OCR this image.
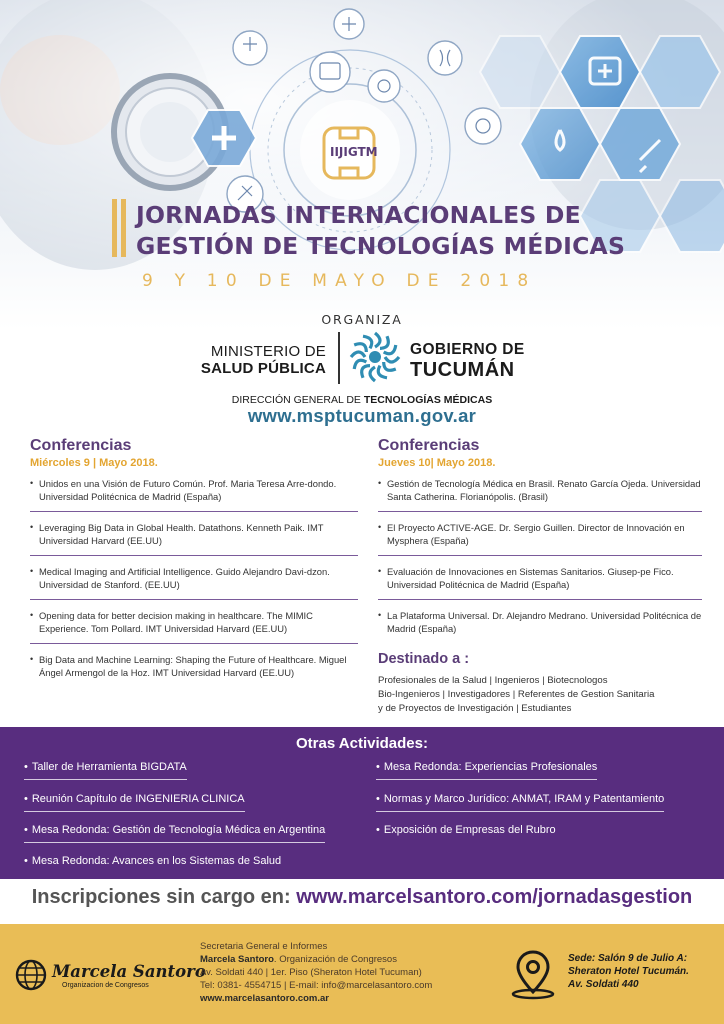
IIJIGTM
JORNADAS INTERNACIONALES DE
GESTIÓN DE TECNOLOGÍAS MÉDICAS
9 Y 10 DE MAYO DE 2018
ORGANIZA
MINISTERIO DE
SALUD PÚBLICA
GOBIERNO DE
TUCUMÁN
DIRECCIÓN GENERAL DE TECNOLOGÍAS MÉDICAS
www.msptucuman.gov.ar
Conferencias
Miércoles 9 | Mayo 2018.
• Unidos en una Visión de Futuro Común. Prof. Maria Teresa Arre-dondo. Universidad Politécnica de Madrid (España)
• Leveraging Big Data in Global Health. Datathons. Kenneth Paik. IMT Universidad Harvard (EE.UU)
• Medical Imaging and Artificial Intelligence. Guido Alejandro Davi-dzon. Universidad de Stanford. (EE.UU)
• Opening data for better decision making in healthcare. The MIMIC Experience. Tom Pollard. IMT Universidad Harvard (EE.UU)
• Big Data and Machine Learning: Shaping the Future of Healthcare. Miguel Ángel Armengol de la Hoz. IMT Universidad Harvard (EE.UU)
Conferencias
Jueves 10| Mayo 2018.
• Gestión de Tecnología Médica en Brasil. Renato García Ojeda. Universidad Santa Catherina. Florianópolis. (Brasil)
• El Proyecto ACTIVE-AGE. Dr. Sergio Guillen. Director de Innovación en Mysphera (España)
• Evaluación de Innovaciones en Sistemas Sanitarios. Giusep-pe Fico. Universidad Politécnica de Madrid (España)
• La Plataforma Universal. Dr. Alejandro Medrano. Universidad Politécnica de Madrid (España)
Destinado a :
Profesionales de la Salud | Ingenieros | Biotecnologos
Bio-Ingenieros | Investigadores | Referentes de Gestion Sanitaria
y de Proyectos de Investigación | Estudiantes
Otras Actividades:
• Taller de Herramienta BIGDATA
• Reunión Capítulo de INGENIERIA CLINICA
• Mesa Redonda: Gestión de Tecnología Médica en Argentina
• Mesa Redonda: Avances en los Sistemas de Salud
• Mesa Redonda: Experiencias Profesionales
• Normas y Marco Jurídico: ANMAT, IRAM y Patentamiento
• Exposición de Empresas del Rubro
Inscripciones sin cargo en: www.marcelsantoro.com/jornadasgestion
Marcela Santoro
Organizacion de Congresos
Secretaria General e Informes
Marcela Santoro. Organización de Congresos
Av. Soldati 440 | 1er. Piso (Sheraton Hotel Tucuman)
Tel: 0381- 4554715 | E-mail: info@marcelasantoro.com
www.marcelasantoro.com.ar
Sede: Salón 9 de Julio A:
Sheraton Hotel Tucumán.
Av. Soldati 440
